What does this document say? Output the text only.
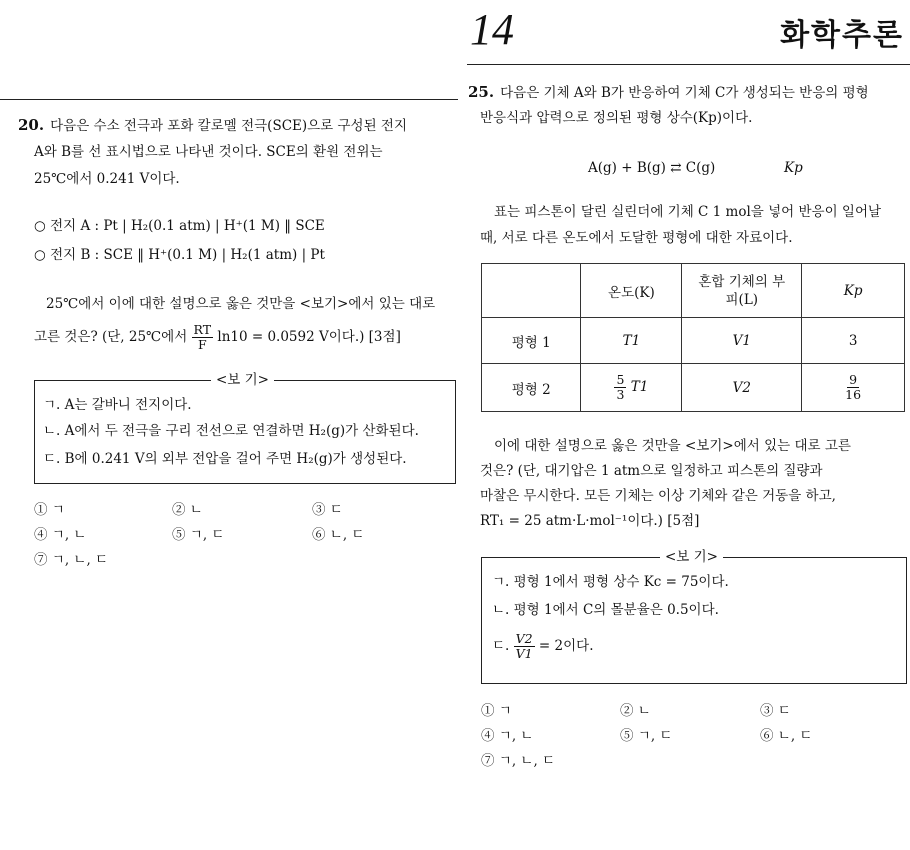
14	화학추론
20. 다음은 수소 전극과 포화 칼로멜 전극(SCE)으로 구성된 전지
A와 B를 선 표시법으로 나타낸 것이다. SCE의 환원 전위는
25℃에서 0.241 V이다.
○ 전지 A : Pt | H₂(0.1 atm) | H⁺(1 M) ‖ SCE
○ 전지 B : SCE ‖ H⁺(0.1 M) | H₂(1 atm) | Pt
25℃에서 이에 대한 설명으로 옳은 것만을 <보기>에서 있는 대로
고른 것은? (단, 25℃에서 $\frac{RT}{F} \ln 10 = 0.0592$ V이다.) [3점]
<보 기>
ㄱ. A는 갈바니 전지이다.
ㄴ. A에서 두 전극을 구리 전선으로 연결하면 H₂(g)가 산화된다.
ㄷ. B에 0.241 V의 외부 전압을 걸어 주면 H₂(g)가 생성된다.
① ㄱ	② ㄴ	③ ㄷ
④ ㄱ, ㄴ	⑤ ㄱ, ㄷ	⑥ ㄴ, ㄷ
⑦ ㄱ, ㄴ, ㄷ
25. 다음은 기체 A와 B가 반응하여 기체 C가 생성되는 반응의 평형
반응식과 압력으로 정의된 평형 상수(Kp)이다.
A(g) + B(g) ⇄ C(g)	Kp
표는 피스톤이 달린 실린더에 기체 C 1 mol을 넣어 반응이 일어날
때, 서로 다른 온도에서 도달한 평형에 대한 자료이다.
	온도(K)	혼합 기체의 부피(L)	Kp
평형 1	T1	V1	3
평형 2	$\frac{5}{3} T1$	V2	$\frac{9}{16}$
이에 대한 설명으로 옳은 것만을 <보기>에서 있는 대로 고른
것은? (단, 대기압은 1 atm으로 일정하고 피스톤의 질량과
마찰은 무시한다. 모든 기체는 이상 기체와 같은 거동을 하고,
RT₁ = 25 atm·L·mol⁻¹이다.) [5점]
<보 기>
ㄱ. 평형 1에서 평형 상수 Kc = 75이다.
ㄴ. 평형 1에서 C의 몰분율은 0.5이다.
ㄷ. $\frac{V2}{V1} = 2$이다.
① ㄱ	② ㄴ	③ ㄷ
④ ㄱ, ㄴ	⑤ ㄱ, ㄷ	⑥ ㄴ, ㄷ
⑦ ㄱ, ㄴ, ㄷ
